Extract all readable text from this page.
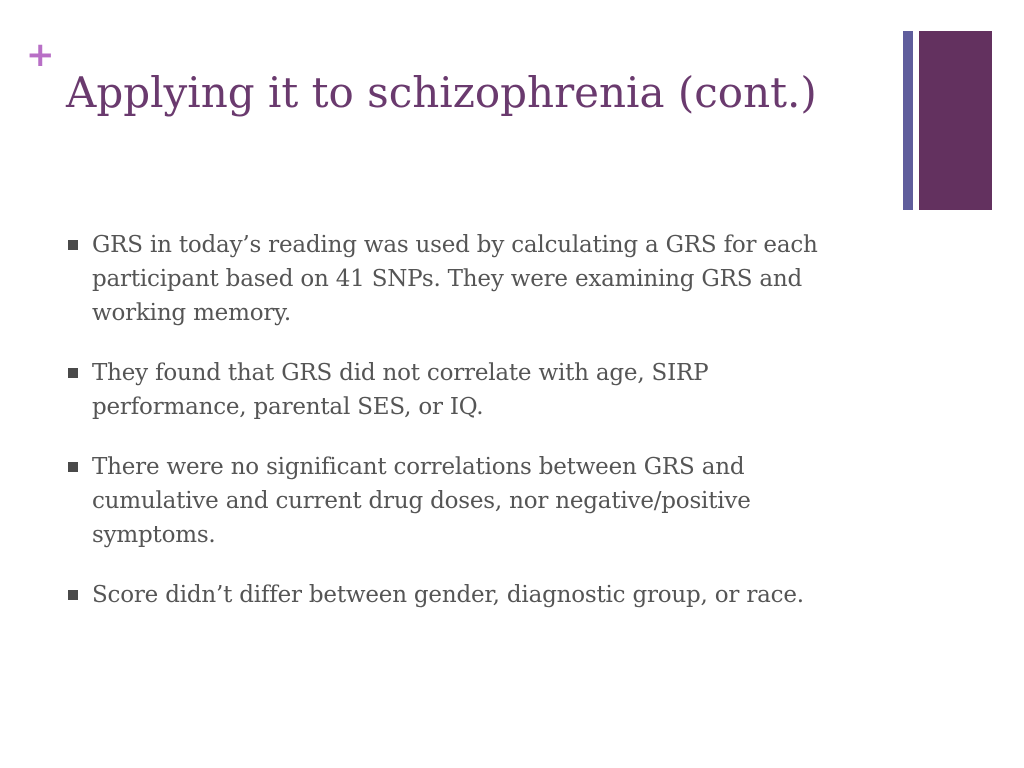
+
Applying it to schizophrenia (cont.)
GRS in today’s reading was used by calculating a GRS for each participant based on 41 SNPs. They were examining GRS and working memory.
They found that GRS did not correlate with age, SIRP performance, parental SES, or IQ.
There were no significant correlations between GRS and cumulative and current drug doses, nor negative/positive symptoms.
Score didn’t differ between gender, diagnostic group, or race.
